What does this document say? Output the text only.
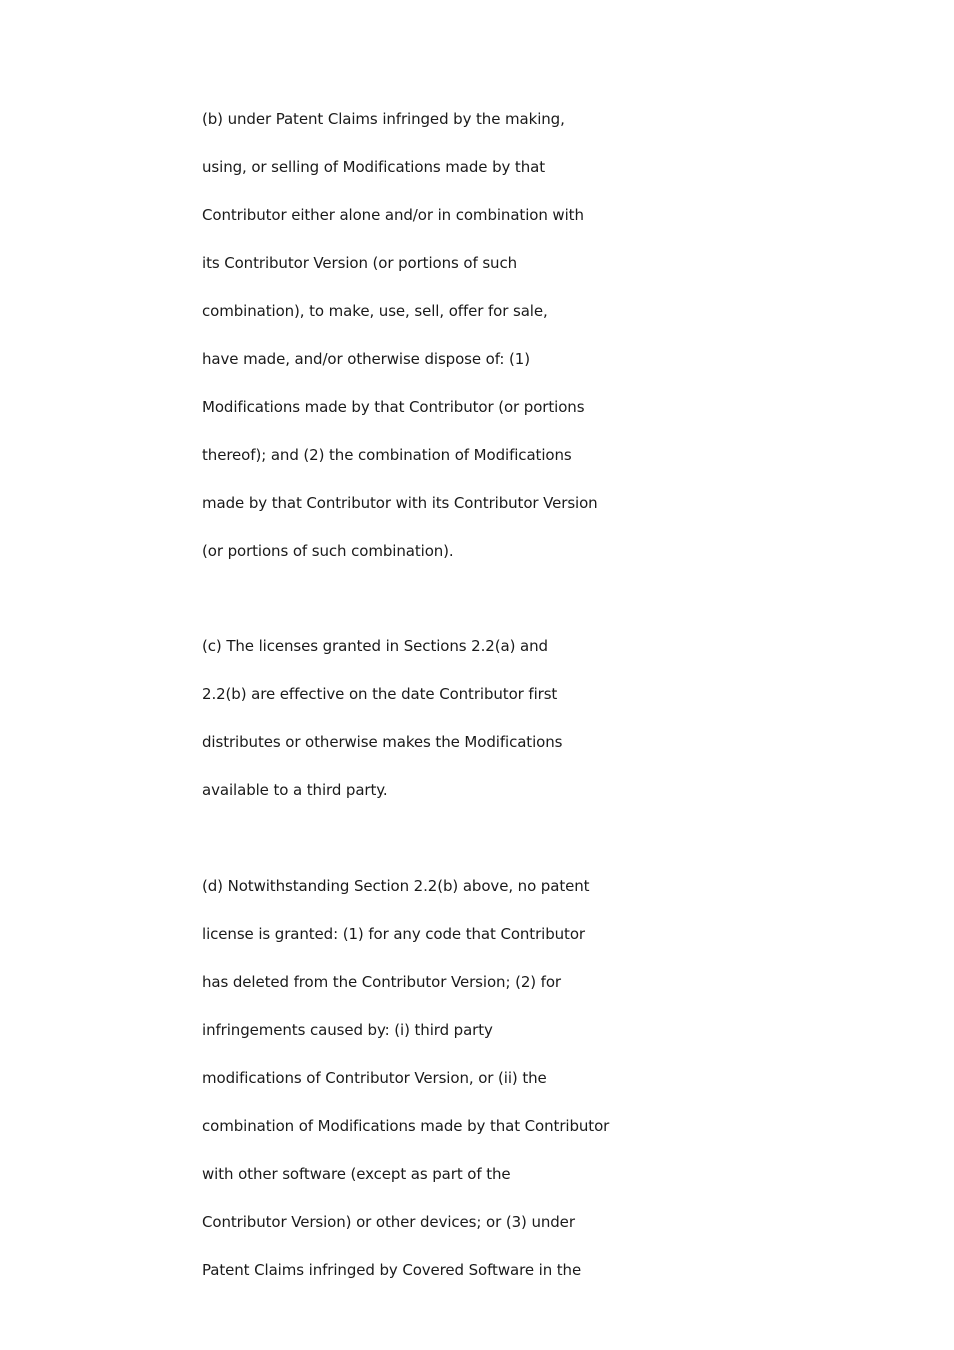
(b) under Patent Claims infringed by the making,
using, or selling of Modifications made by that
Contributor either alone and/or in combination with
its Contributor Version (or portions of such
combination), to make, use, sell, offer for sale,
have made, and/or otherwise dispose of: (1)
Modifications made by that Contributor (or portions
thereof); and (2) the combination of Modifications
made by that Contributor with its Contributor Version
(or portions of such combination).
(c) The licenses granted in Sections 2.2(a) and
2.2(b) are effective on the date Contributor first
distributes or otherwise makes the Modifications
available to a third party.
(d) Notwithstanding Section 2.2(b) above, no patent
license is granted: (1) for any code that Contributor
has deleted from the Contributor Version; (2) for
infringements caused by: (i) third party
modifications of Contributor Version, or (ii) the
combination of Modifications made by that Contributor
with other software (except as part of the
Contributor Version) or other devices; or (3) under
Patent Claims infringed by Covered Software in the
